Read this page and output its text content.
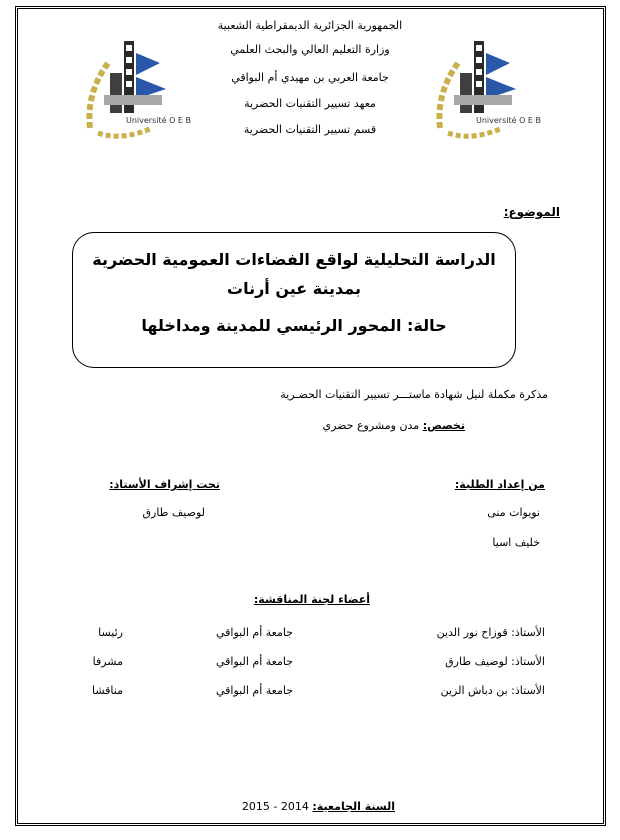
الجمهورية الجزائرية الديمقراطية الشعبية
وزارة التعليم العالي والبحث العلمي
جامعة العربي بن مهيدي أم البواقي
معهد تسيير التقنيات الحضرية
قسم تسيير التقنيات الحضرية
Université O E B	Université O E B
الموضوع:
الدراسة التحليلية لواقع الفضاءات العمومية الحضرية
بمدينة عين أرنات
حالة: المحور الرئيسي للمدينة ومداخلها
مذكرة مكملة لنيل شهادة ماستـــر تسيير التقنيات الحضـرية
تخصص: مدن ومشروع حضري
من إعداد الطلبة:
نويوات منى
خليف اسيا
تحت إشراف الأستاذ:
لوصيف طارق
أعضاء لجنة المناقشة:
الأستاذ: قوزاح نور الدين
جامعة أم البواقي
رئيسا
الأستاذ: لوصيف طارق
جامعة أم البواقي
مشرفا
الأستاذ: بن دباش الزين
جامعة أم البواقي
مناقشا
السنة الجامعية: 2014 - 2015
